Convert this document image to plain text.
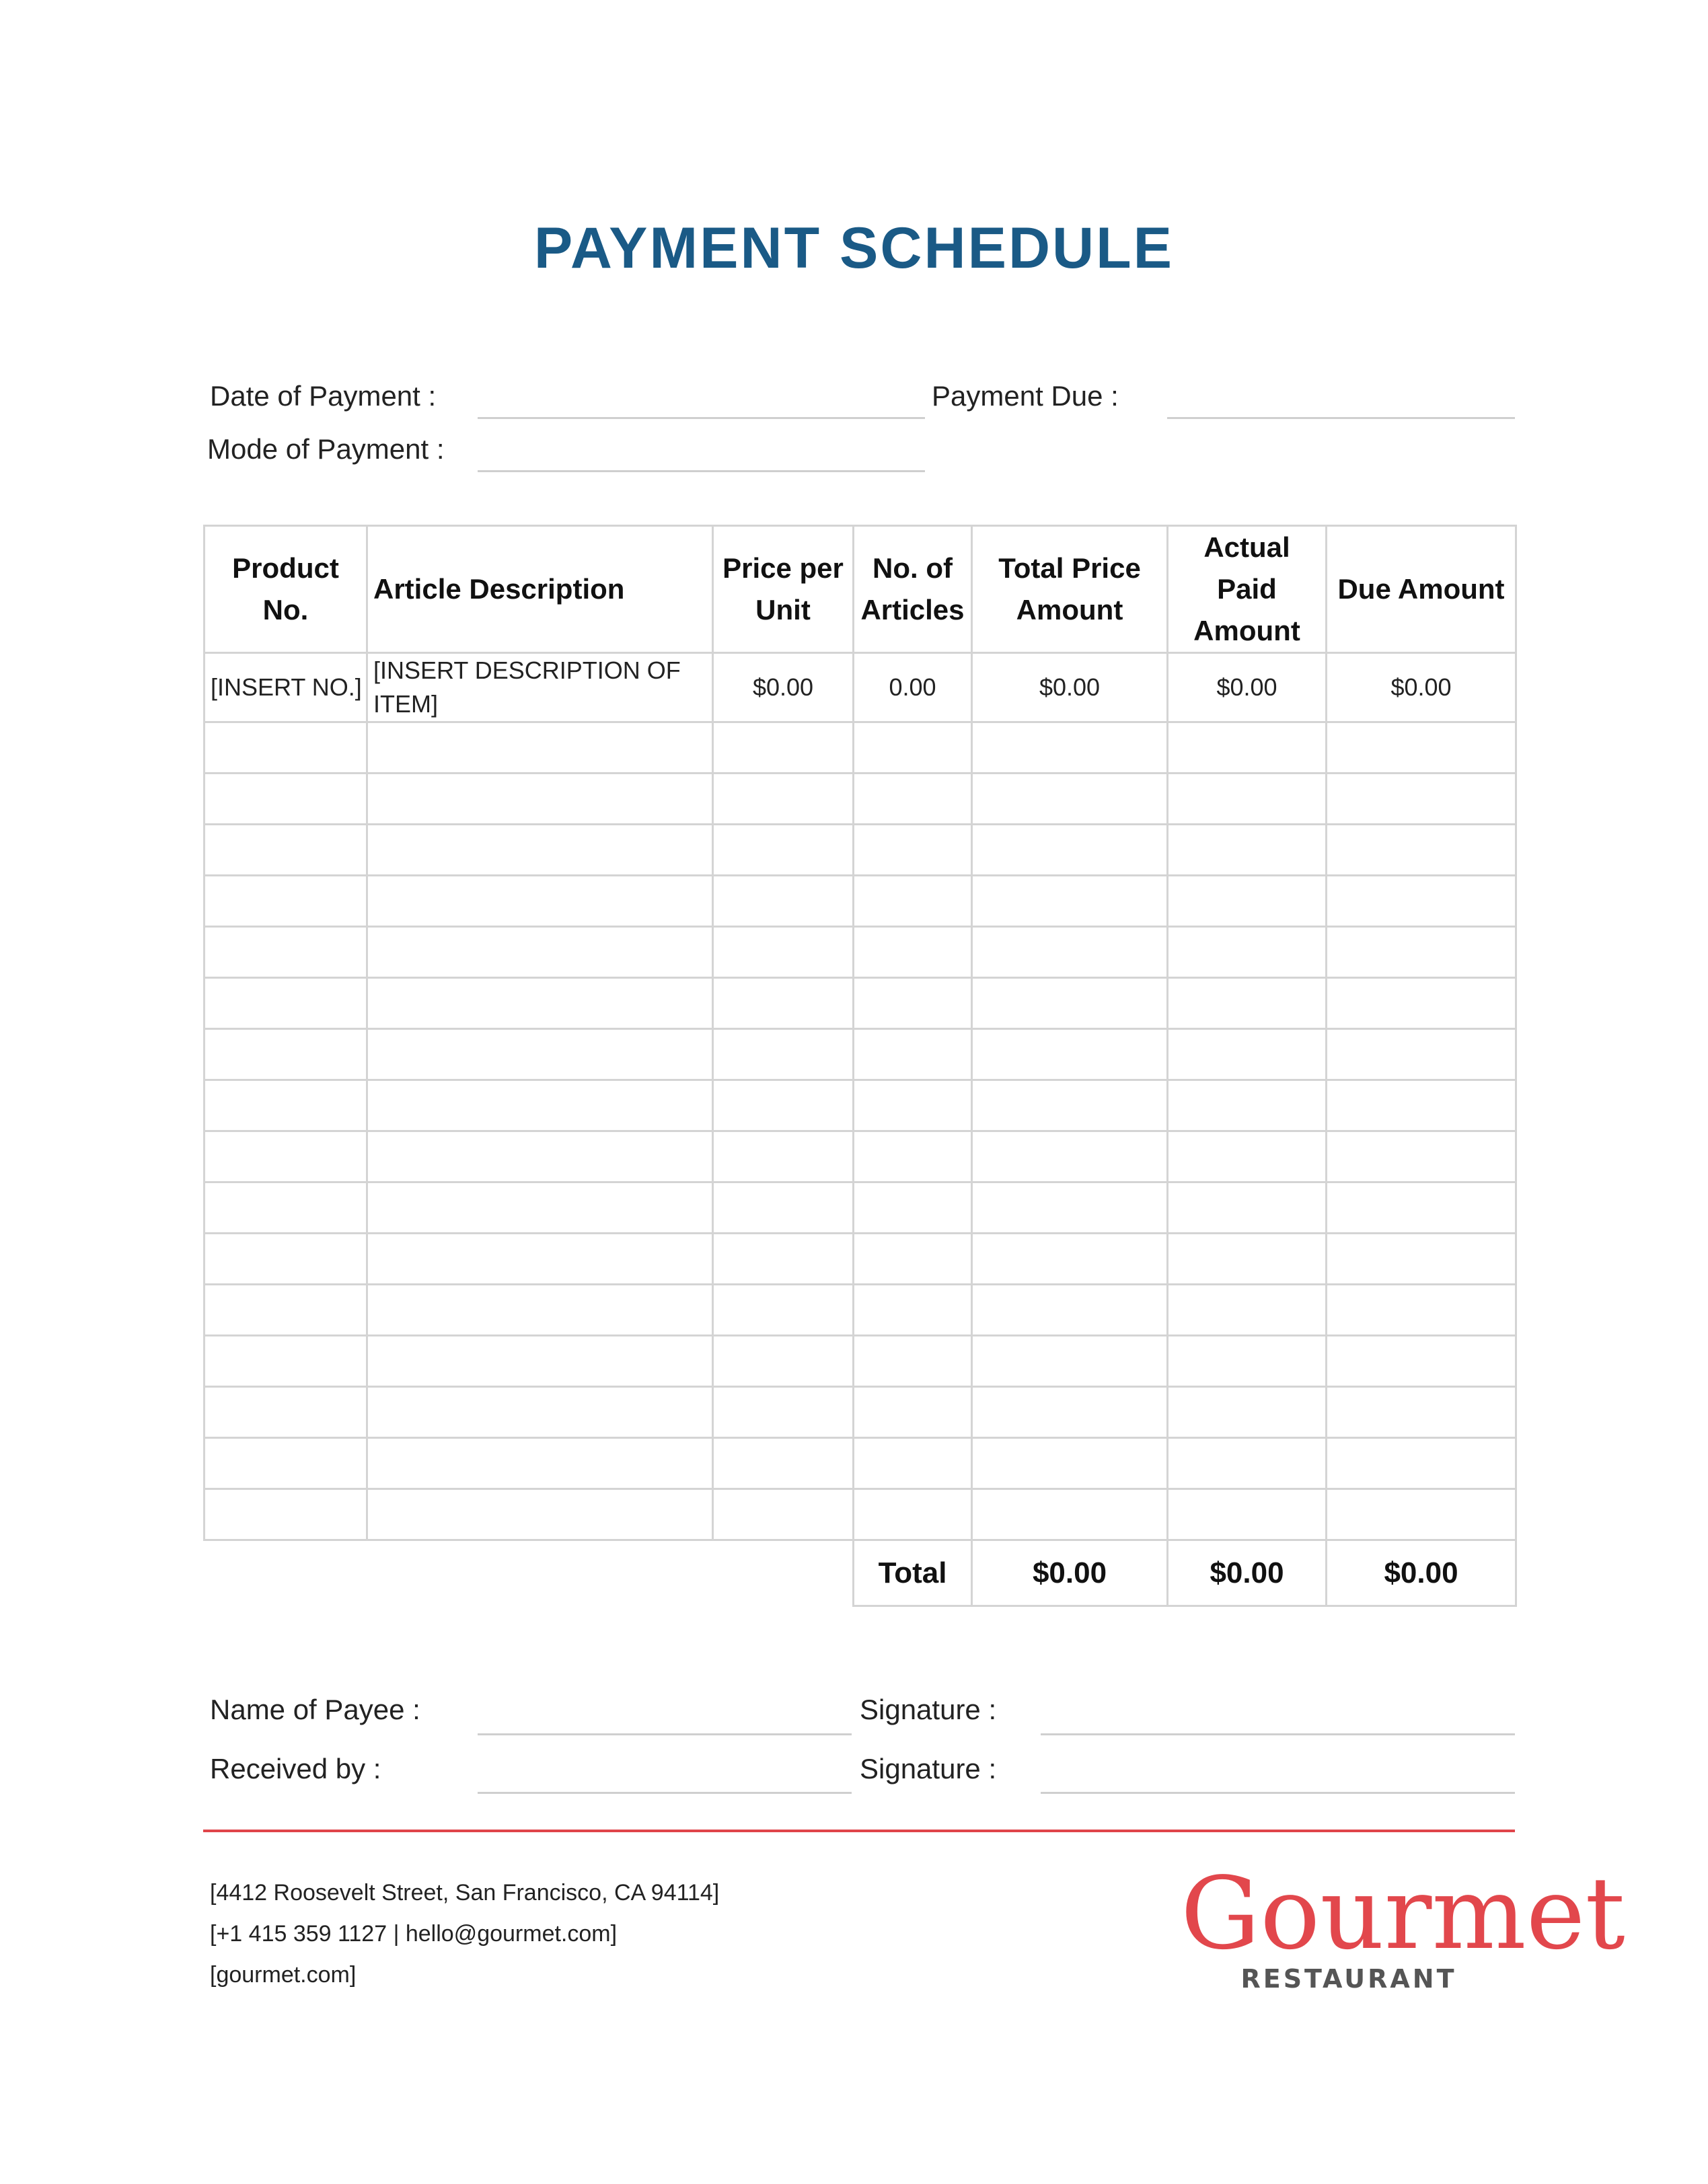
PAYMENT SCHEDULE
Date of Payment :	Payment Due :
Mode of Payment :
Product No.	Article Description	Price per Unit	No. of Articles	Total Price Amount	Actual Paid Amount	Due Amount
[INSERT NO.]	[INSERT DESCRIPTION OF ITEM]	$0.00	0.00	$0.00	$0.00	$0.00

			Total	$0.00	$0.00	$0.00
Name of Payee :	Signature :
Received by :	Signature :
[4412 Roosevelt Street, San Francisco, CA 94114]
[+1 415 359 1127 | hello@gourmet.com]
[gourmet.com]
Gourmet
RESTAURANT
